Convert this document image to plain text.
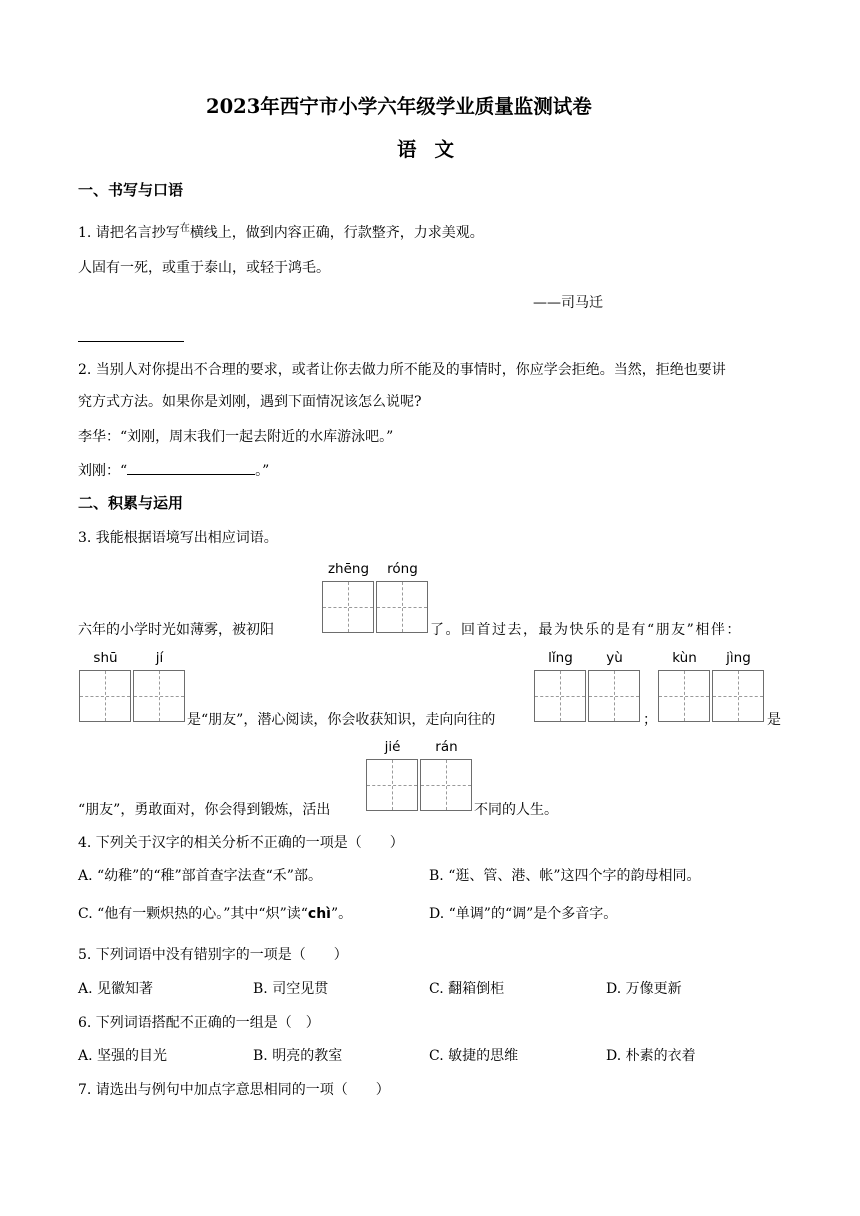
2023年西宁市小学六年级学业质量监测试卷
语文
一、书写与口语
1. 请把名言抄写$^在$横线上，做到内容正确，行款整齐，力求美观。
人固有一死，或重于泰山，或轻于鸿毛。
——司马迁
2. 当别人对你提出不合理的要求，或者让你去做力所不能及的事情时，你应学会拒绝。当然，拒绝也要讲
究方式方法。如果你是刘刚，遇到下面情况该怎么说呢?
李华：“刘刚，周末我们一起去附近的水库游泳吧。”
刘刚：“	。”
二、积累与运用
3. 我能根据语境写出相应词语。
zhēng	róng
六年的小学时光如薄雾，被初阳	了。回首过去，最为快乐的是有“朋友”相伴：
shū	jí	lǐng	yù	kùn	jìng
是“朋友”，潜心阅读，你会收获知识，走向向往的	；	是
jié	rán
“朋友”，勇敢面对，你会得到锻炼，活出	不同的人生。
4. 下列关于汉字的相关分析不正确的一项是（　　）
A. “幼稚”的“稚”部首查字法查“禾”部。	B. “逛、管、港、帐”这四个字的韵母相同。
C. “他有一颗炽热的心。”其中“炽”读“chì”。	D. “单调”的“调”是个多音字。
5. 下列词语中没有错别字的一项是（　　）
A. 见徽知著	B. 司空见贯	C. 翻箱倒柜	D. 万像更新
6. 下列词语搭配不正确的一组是（　）
A. 坚强的目光	B. 明亮的教室	C. 敏捷的思维	D. 朴素的衣着
7. 请选出与例句中加点字意思相同的一项（　　）
